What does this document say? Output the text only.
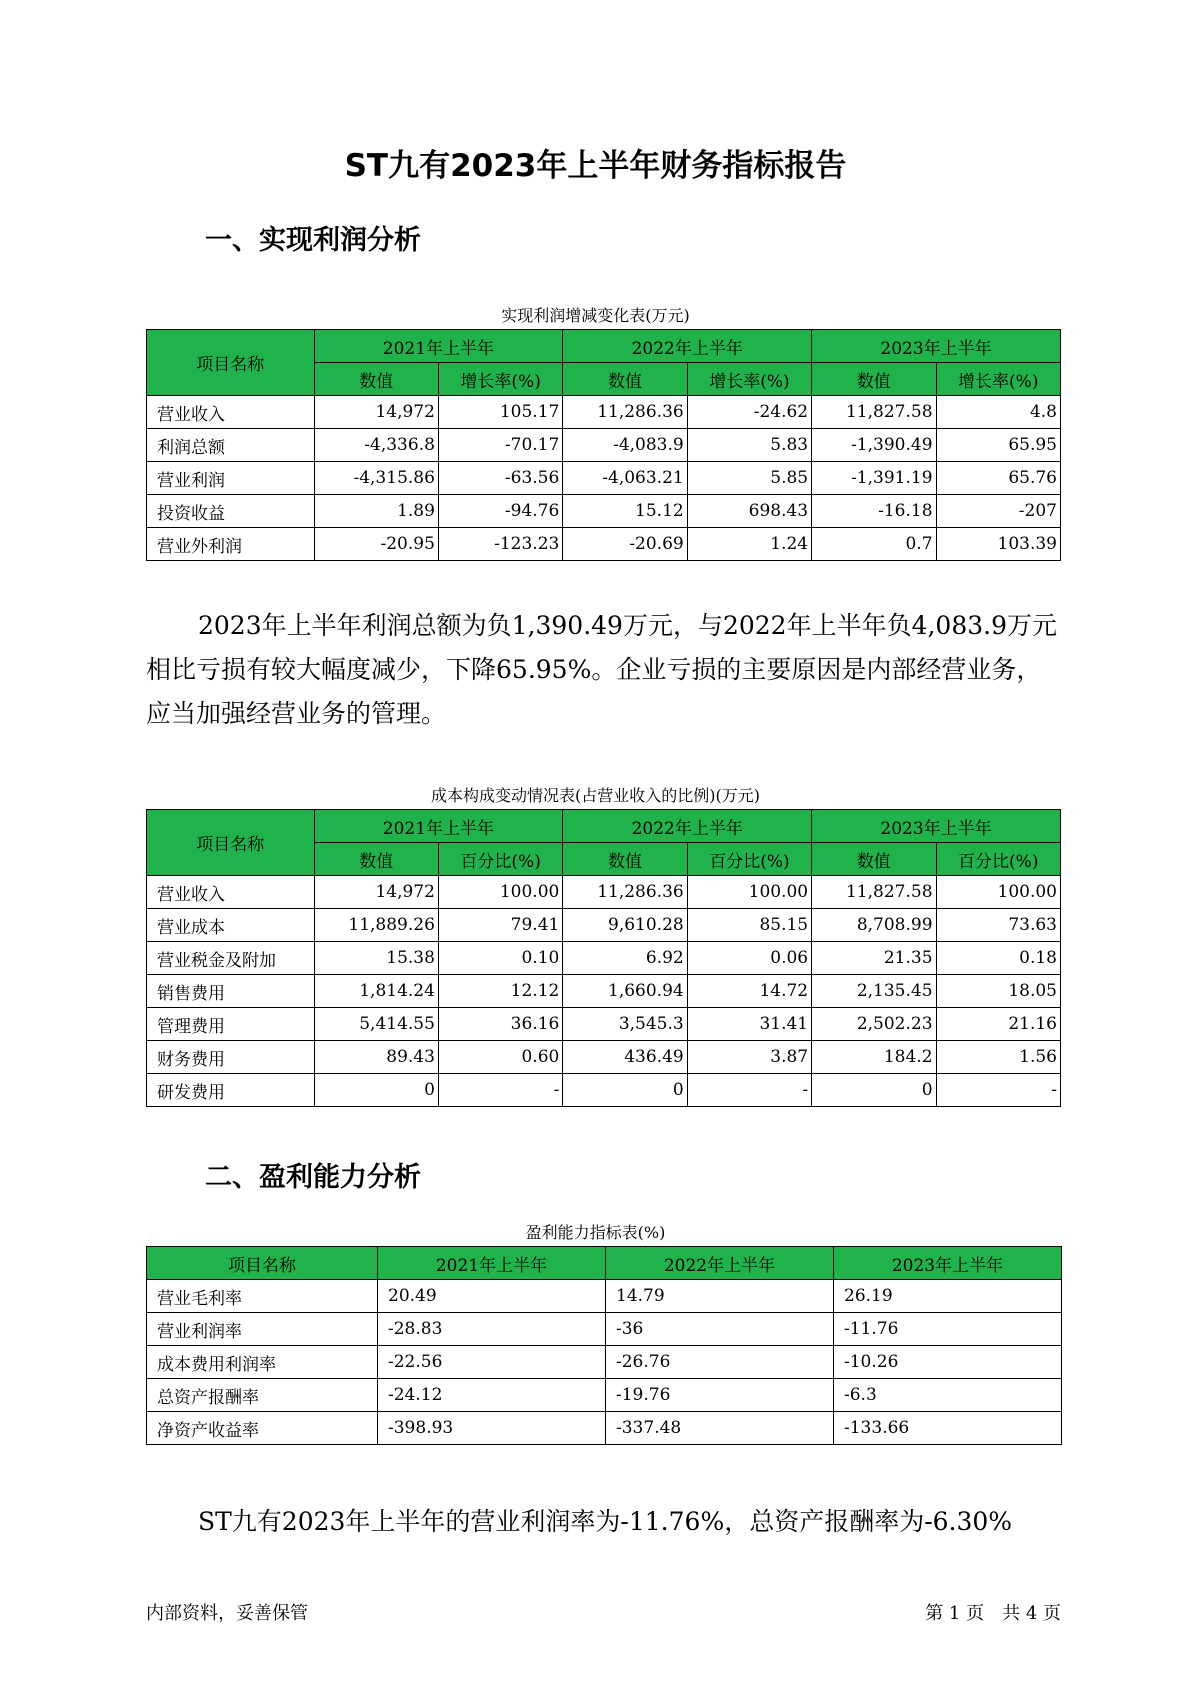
ST九有2023年上半年财务指标报告
一、实现利润分析
实现利润增减变化表(万元)
项目名称	2021年上半年		2022年上半年		2023年上半年	
	数值	增长率(%)	数值	增长率(%)	数值	增长率(%)
营业收入	14,972	105.17	11,286.36	-24.62	11,827.58	4.8
利润总额	-4,336.8	-70.17	-4,083.9	5.83	-1,390.49	65.95
营业利润	-4,315.86	-63.56	-4,063.21	5.85	-1,391.19	65.76
投资收益	1.89	-94.76	15.12	698.43	-16.18	-207
营业外利润	-20.95	-123.23	-20.69	1.24	0.7	103.39
2023年上半年利润总额为负1,390.49万元，与2022年上半年负4,083.9万元相比亏损有较大幅度减少，下降65.95%。企业亏损的主要原因是内部经营业务，应当加强经营业务的管理。
成本构成变动情况表(占营业收入的比例)(万元)
项目名称	2021年上半年		2022年上半年		2023年上半年	
	数值	百分比(%)	数值	百分比(%)	数值	百分比(%)
营业收入	14,972	100.00	11,286.36	100.00	11,827.58	100.00
营业成本	11,889.26	79.41	9,610.28	85.15	8,708.99	73.63
营业税金及附加	15.38	0.10	6.92	0.06	21.35	0.18
销售费用	1,814.24	12.12	1,660.94	14.72	2,135.45	18.05
管理费用	5,414.55	36.16	3,545.3	31.41	2,502.23	21.16
财务费用	89.43	0.60	436.49	3.87	184.2	1.56
研发费用	0	-	0	-	0	-
二、盈利能力分析
盈利能力指标表(%)
项目名称	2021年上半年	2022年上半年	2023年上半年
营业毛利率	20.49	14.79	26.19
营业利润率	-28.83	-36	-11.76
成本费用利润率	-22.56	-26.76	-10.26
总资产报酬率	-24.12	-19.76	-6.3
净资产收益率	-398.93	-337.48	-133.66
ST九有2023年上半年的营业利润率为-11.76%，总资产报酬率为-6.30%
内部资料，妥善保管	第 1 页　共 4 页
